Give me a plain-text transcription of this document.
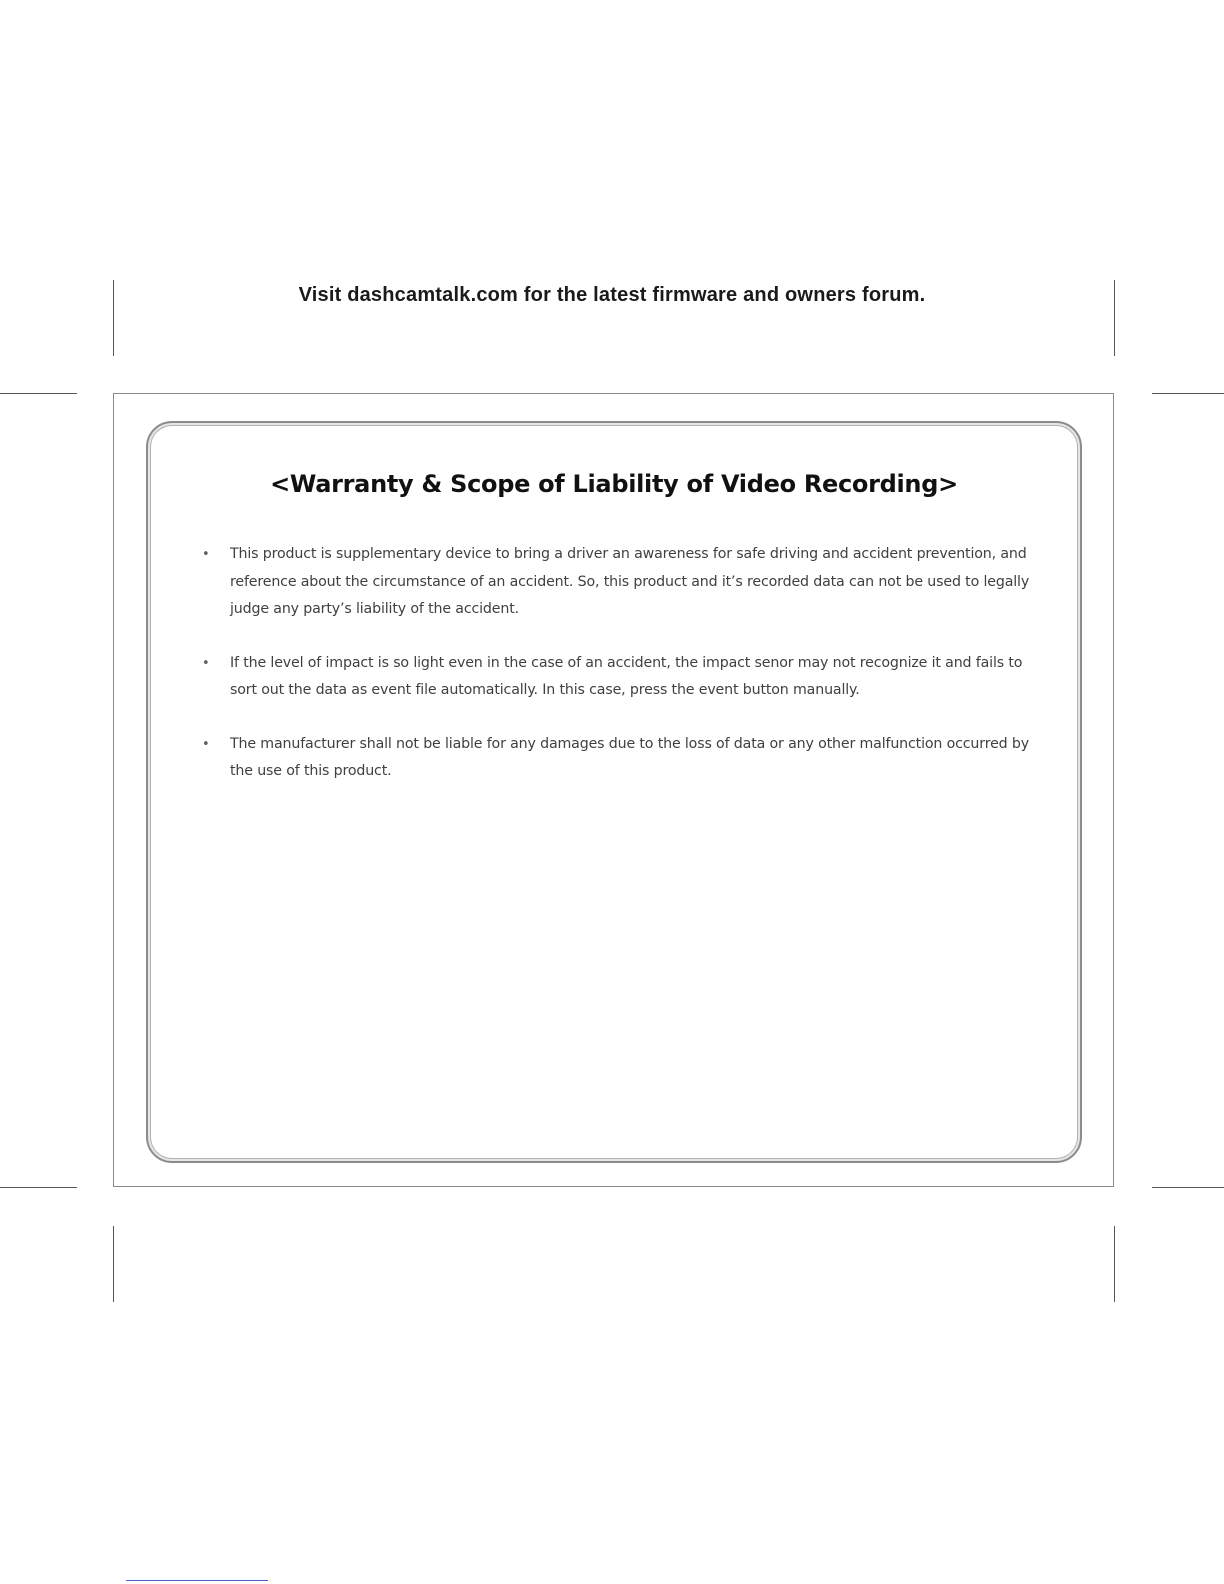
Visit dashcamtalk.com for the latest firmware and owners forum.
<Warranty & Scope of Liability of Video Recording>
• This product is supplementary device to bring a driver an awareness for safe driving and accident prevention, and reference about the circumstance of an accident. So, this product and it’s recorded data can not be used to legally judge any party’s liability of the accident.
• If the level of impact is so light even in the case of an accident, the impact senor may not recognize it and fails to sort out the data as event file automatically. In this case, press the event button manually.
• The manufacturer shall not be liable for any damages due to the loss of data or any other malfunction occurred by the use of this product.
